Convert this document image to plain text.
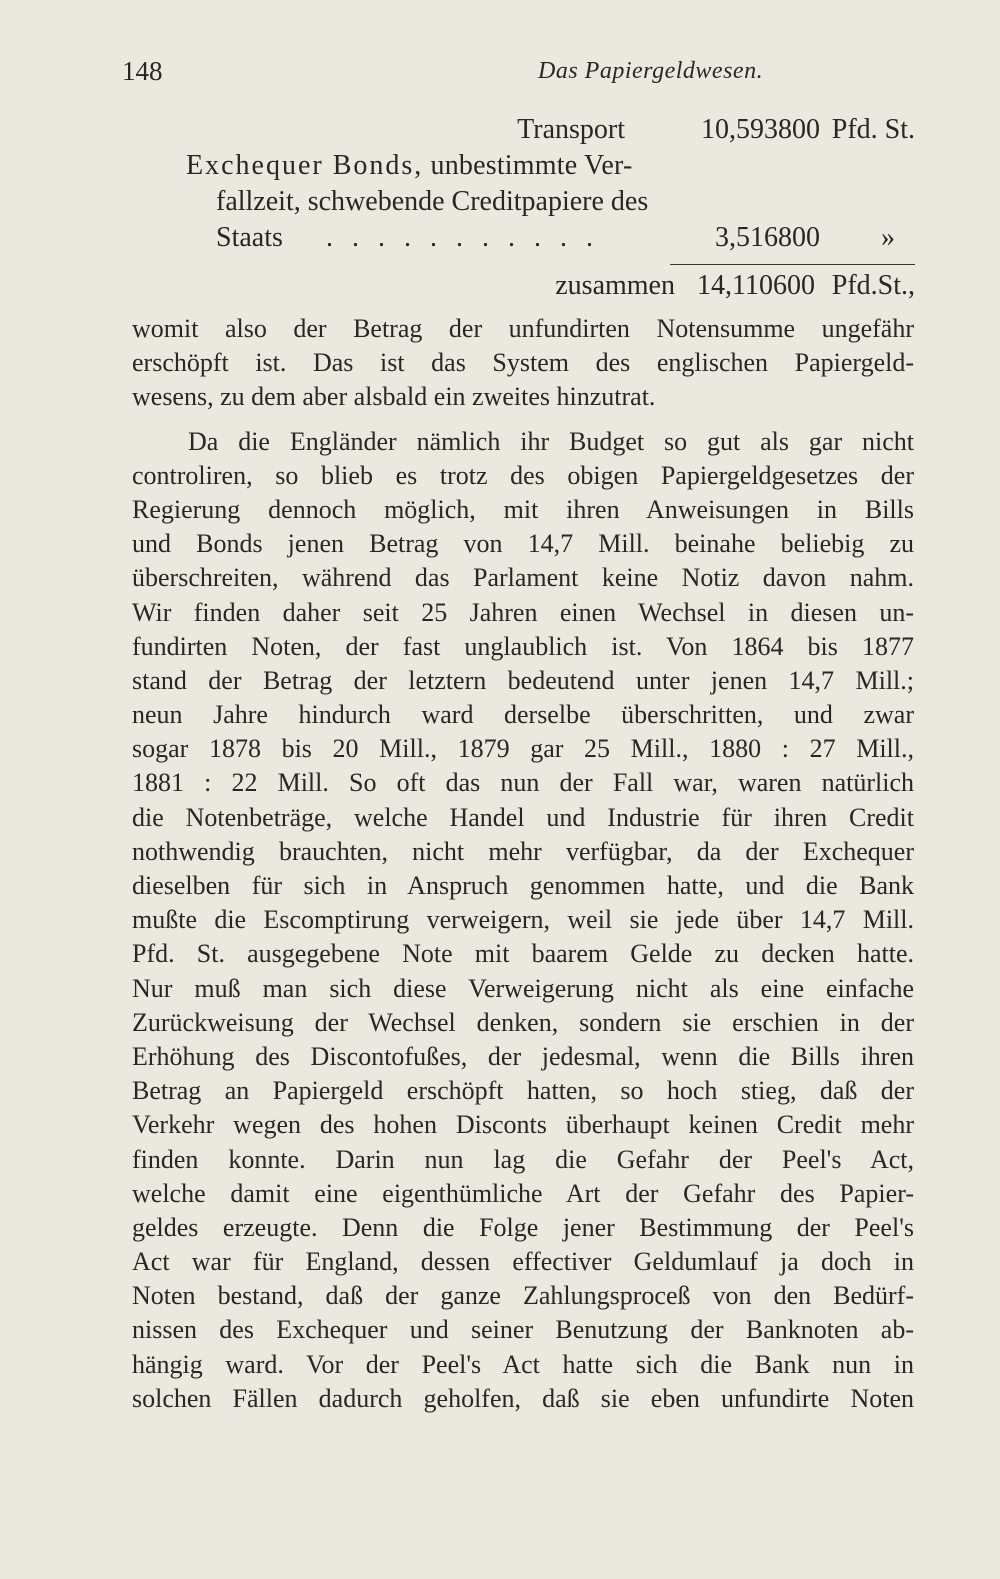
148	Das Papiergeldwesen.
Transport	10,593800 Pfd. St.
Exchequer Bonds, unbestimmte Ver-
fallzeit, schwebende Creditpapiere des
Staats . . . . . . . . . . .	3,516800 »
zusammen 14,110600 Pfd.St.,
womit also der Betrag der unfundirten Notensumme ungefähr
erschöpft ist. Das ist das System des englischen Papiergeld-
wesens, zu dem aber alsbald ein zweites hinzutrat.
Da die Engländer nämlich ihr Budget so gut als gar nicht
controliren, so blieb es trotz des obigen Papiergeldgesetzes der
Regierung dennoch möglich, mit ihren Anweisungen in Bills
und Bonds jenen Betrag von 14,7 Mill. beinahe beliebig zu
überschreiten, während das Parlament keine Notiz davon nahm.
Wir finden daher seit 25 Jahren einen Wechsel in diesen un-
fundirten Noten, der fast unglaublich ist. Von 1864 bis 1877
stand der Betrag der letztern bedeutend unter jenen 14,7 Mill.;
neun Jahre hindurch ward derselbe überschritten, und zwar
sogar 1878 bis 20 Mill., 1879 gar 25 Mill., 1880 : 27 Mill.,
1881 : 22 Mill. So oft das nun der Fall war, waren natürlich
die Notenbeträge, welche Handel und Industrie für ihren Credit
nothwendig brauchten, nicht mehr verfügbar, da der Exchequer
dieselben für sich in Anspruch genommen hatte, und die Bank
mußte die Escomptirung verweigern, weil sie jede über 14,7 Mill.
Pfd. St. ausgegebene Note mit baarem Gelde zu decken hatte.
Nur muß man sich diese Verweigerung nicht als eine einfache
Zurückweisung der Wechsel denken, sondern sie erschien in der
Erhöhung des Discontofußes, der jedesmal, wenn die Bills ihren
Betrag an Papiergeld erschöpft hatten, so hoch stieg, daß der
Verkehr wegen des hohen Disconts überhaupt keinen Credit mehr
finden konnte. Darin nun lag die Gefahr der Peel's Act,
welche damit eine eigenthümliche Art der Gefahr des Papier-
geldes erzeugte. Denn die Folge jener Bestimmung der Peel's
Act war für England, dessen effectiver Geldumlauf ja doch in
Noten bestand, daß der ganze Zahlungsproceß von den Bedürf-
nissen des Exchequer und seiner Benutzung der Banknoten ab-
hängig ward. Vor der Peel's Act hatte sich die Bank nun in
solchen Fällen dadurch geholfen, daß sie eben unfundirte Noten
